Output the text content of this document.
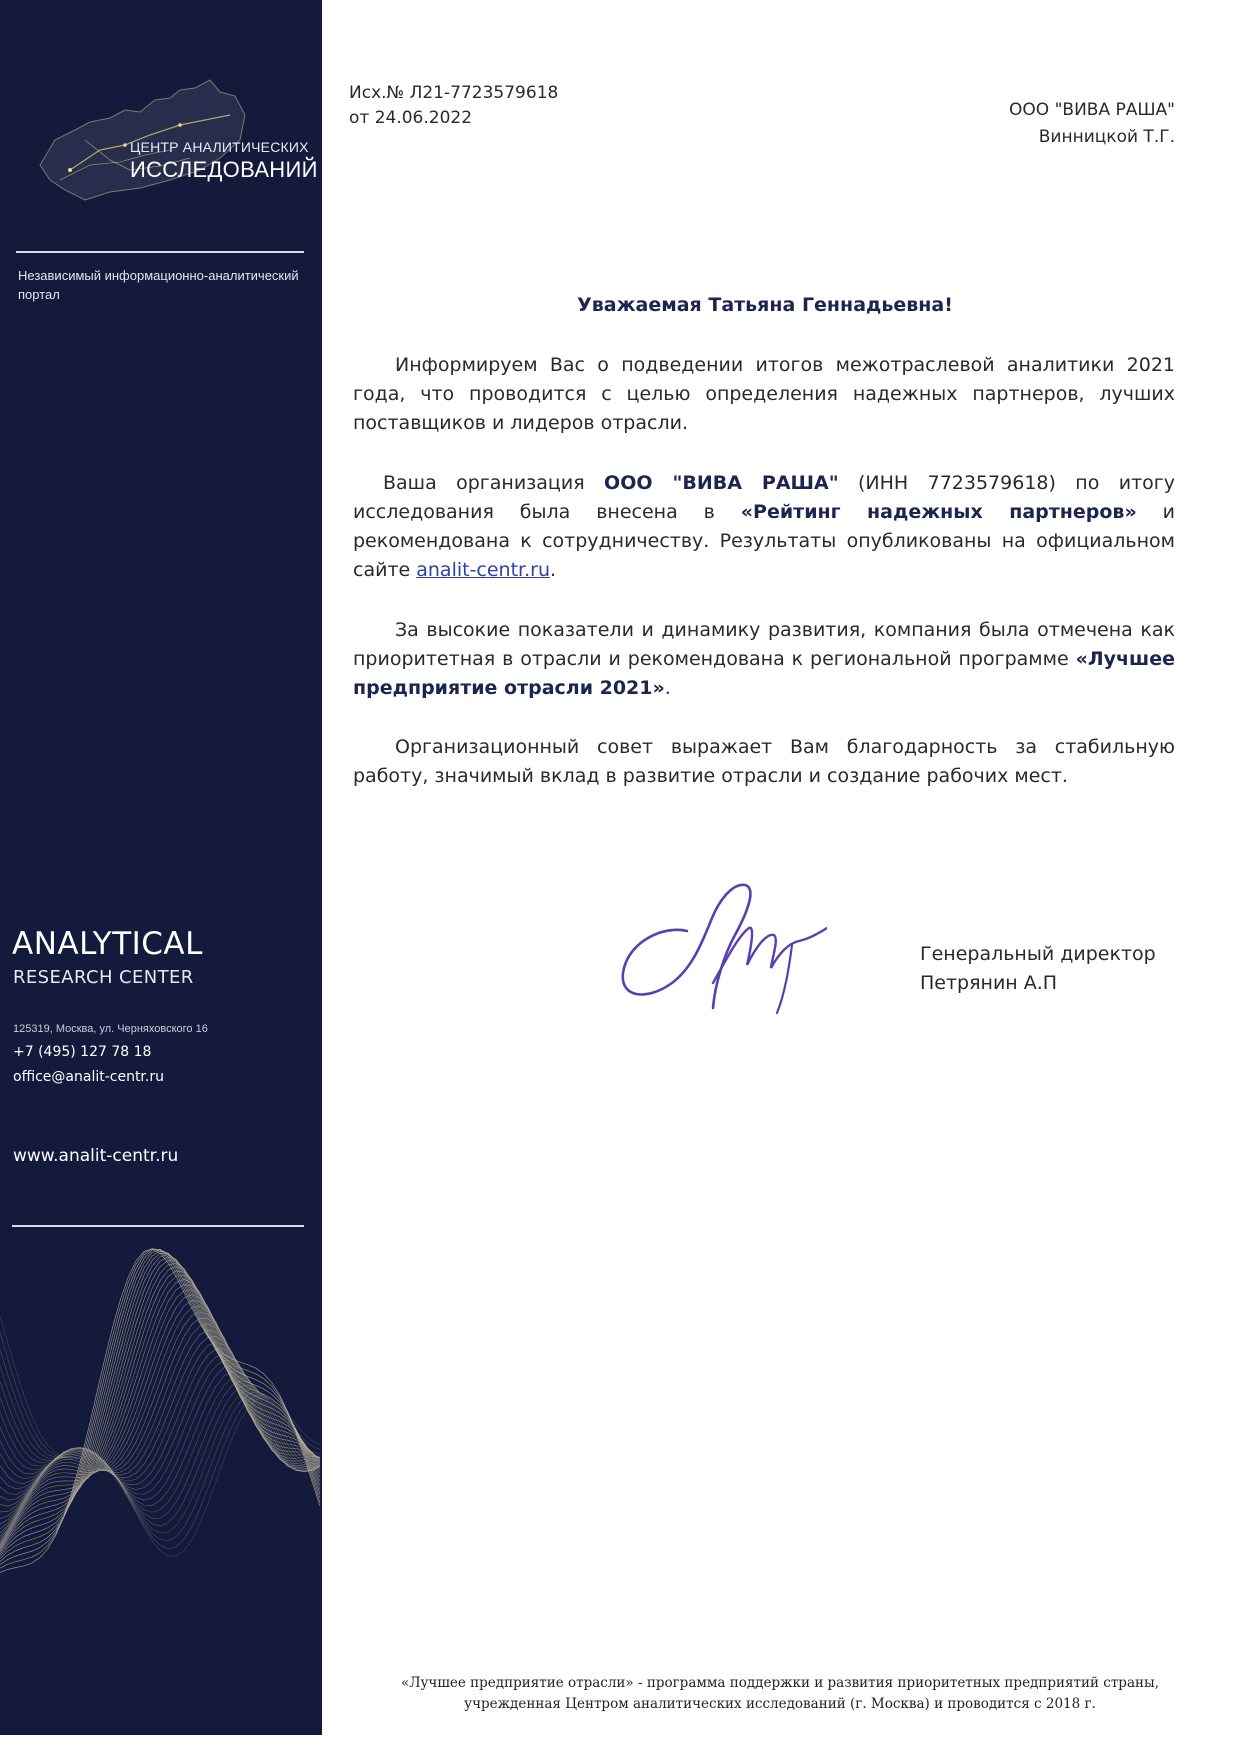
ЦЕНТР АНАЛИТИЧЕСКИХ
ИССЛЕДОВАНИЙ
Независимый информационно-аналитический портал
ANALYTICAL
RESEARCH CENTER
125319, Москва, ул. Черняховского 16
+7 (495) 127 78 18
office@analit-centr.ru
www.analit-centr.ru
Исх.№ Л21-7723579618
от 24.06.2022	ООО "ВИВА РАША"
Винницкой Т.Г.
Уважаемая Татьяна Геннадьевна!
Информируем Вас о подведении итогов межотраслевой аналитики 2021 года, что проводится с целью определения надежных партнеров, лучших поставщиков и лидеров отрасли.
Ваша организация ООО "ВИВА РАША" (ИНН 7723579618) по итогу исследования была внесена в «Рейтинг надежных партнеров» и рекомендована к сотрудничеству. Результаты опубликованы на официальном сайте analit-centr.ru.
За высокие показатели и динамику развития, компания была отмечена как приоритетная в отрасли и рекомендована к региональной программе «Лучшее предприятие отрасли 2021».
Организационный совет выражает Вам благодарность за стабильную работу, значимый вклад в развитие отрасли и создание рабочих мест.
Генеральный директор
Петрянин А.П
«Лучшее предприятие отрасли» - программа поддержки и развития приоритетных предприятий страны,
учрежденная Центром аналитических исследований (г. Москва) и проводится с 2018 г.
